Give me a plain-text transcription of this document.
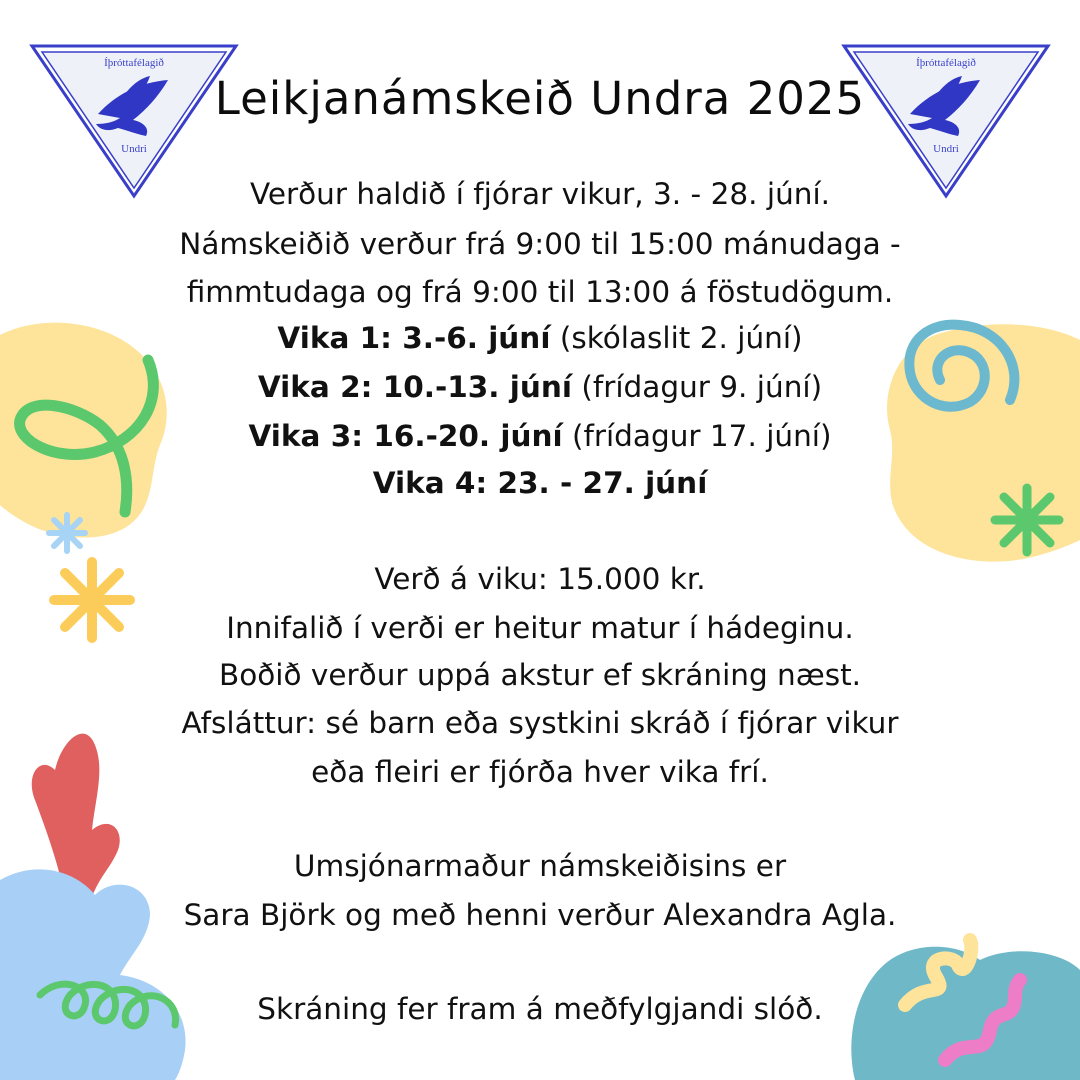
Íþróttafélagið
Undri
Íþróttafélagið
Undri
Leikjanámskeið Undra 2025
Verður haldið í fjórar vikur, 3. - 28. júní.
Námskeiðið verður frá 9:00 til 15:00 mánudaga -
fimmtudaga og frá 9:00 til 13:00 á föstudögum.
Vika 1: 3.-6. júní (skólaslit 2. júní)
Vika 2: 10.-13. júní (frídagur 9. júní)
Vika 3: 16.-20. júní (frídagur 17. júní)
Vika 4: 23. - 27. júní
Verð á viku: 15.000 kr.
Innifalið í verði er heitur matur í hádeginu.
Boðið verður uppá akstur ef skráning næst.
Afsláttur: sé barn eða systkini skráð í fjórar vikur
eða fleiri er fjórða hver vika frí.
Umsjónarmaður námskeiðisins er
Sara Björk og með henni verður Alexandra Agla.
Skráning fer fram á meðfylgjandi slóð.
